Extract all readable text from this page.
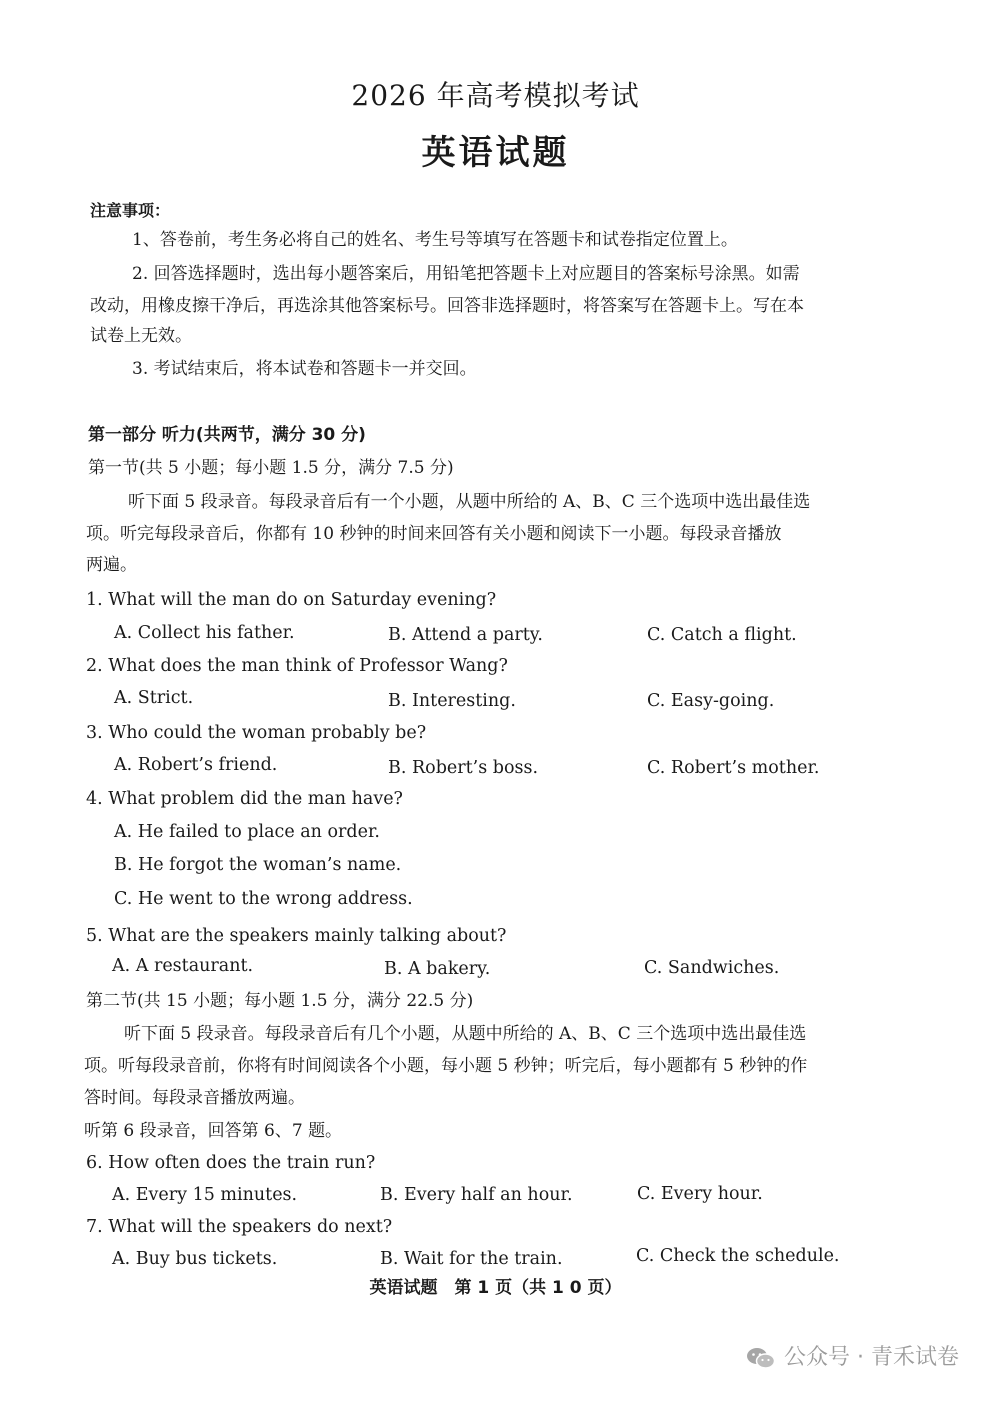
2026 年高考模拟考试
英语试题
注意事项：
1、答卷前，考生务必将自己的姓名、考生号等填写在答题卡和试卷指定位置上。
2. 回答选择题时，选出每小题答案后，用铅笔把答题卡上对应题目的答案标号涂黑。如需
改动，用橡皮擦干净后，再选涂其他答案标号。回答非选择题时，将答案写在答题卡上。写在本
试卷上无效。
3. 考试结束后，将本试卷和答题卡一并交回。
第一部分 听力(共两节，满分 30 分)
第一节(共 5 小题；每小题 1.5 分，满分 7.5 分)
听下面 5 段录音。每段录音后有一个小题，从题中所给的 A、B、C 三个选项中选出最佳选
项。听完每段录音后，你都有 10 秒钟的时间来回答有关小题和阅读下一小题。每段录音播放
两遍。
1. What will the man do on Saturday evening?
A. Collect his father.	B. Attend a party.	C. Catch a flight.
2. What does the man think of Professor Wang?
A. Strict.	B. Interesting.	C. Easy-going.
3. Who could the woman probably be?
A. Robert’s friend.	B. Robert’s boss.	C. Robert’s mother.
4. What problem did the man have?
A. He failed to place an order.
B. He forgot the woman’s name.
C. He went to the wrong address.
5. What are the speakers mainly talking about?
A. A restaurant.	B. A bakery.	C. Sandwiches.
第二节(共 15 小题；每小题 1.5 分，满分 22.5 分)
听下面 5 段录音。每段录音后有几个小题，从题中所给的 A、B、C 三个选项中选出最佳选
项。听每段录音前，你将有时间阅读各个小题，每小题 5 秒钟；听完后，每小题都有 5 秒钟的作
答时间。每段录音播放两遍。
听第 6 段录音，回答第 6、7 题。
6. How often does the train run?
A. Every 15 minutes.	B. Every half an hour.	C. Every hour.
7. What will the speakers do next?
A. Buy bus tickets.	B. Wait for the train.	C. Check the schedule.
英语试题　第 1 页（共 1 0 页）
公众号 · 青禾试卷
